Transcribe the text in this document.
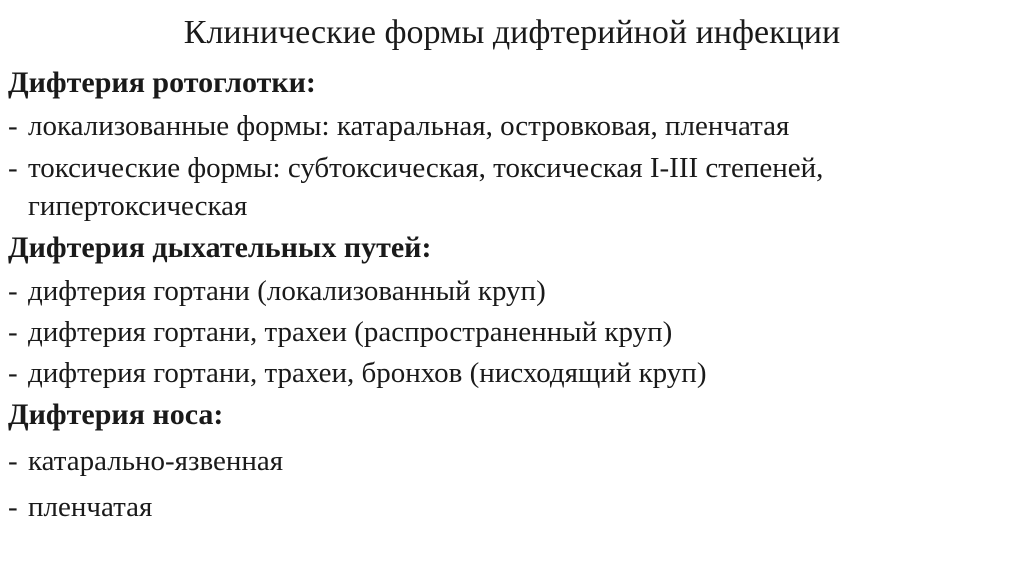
Клинические формы дифтерийной инфекции
Дифтерия ротоглотки:
- локализованные формы: катаральная, островковая, пленчатая
- токсические формы: субтоксическая, токсическая I-III степеней, гипертоксическая
Дифтерия дыхательных путей:
- дифтерия гортани (локализованный круп)
- дифтерия гортани, трахеи (распространенный круп)
- дифтерия гортани, трахеи, бронхов (нисходящий круп)
Дифтерия носа:
- катарально-язвенная
- пленчатая
